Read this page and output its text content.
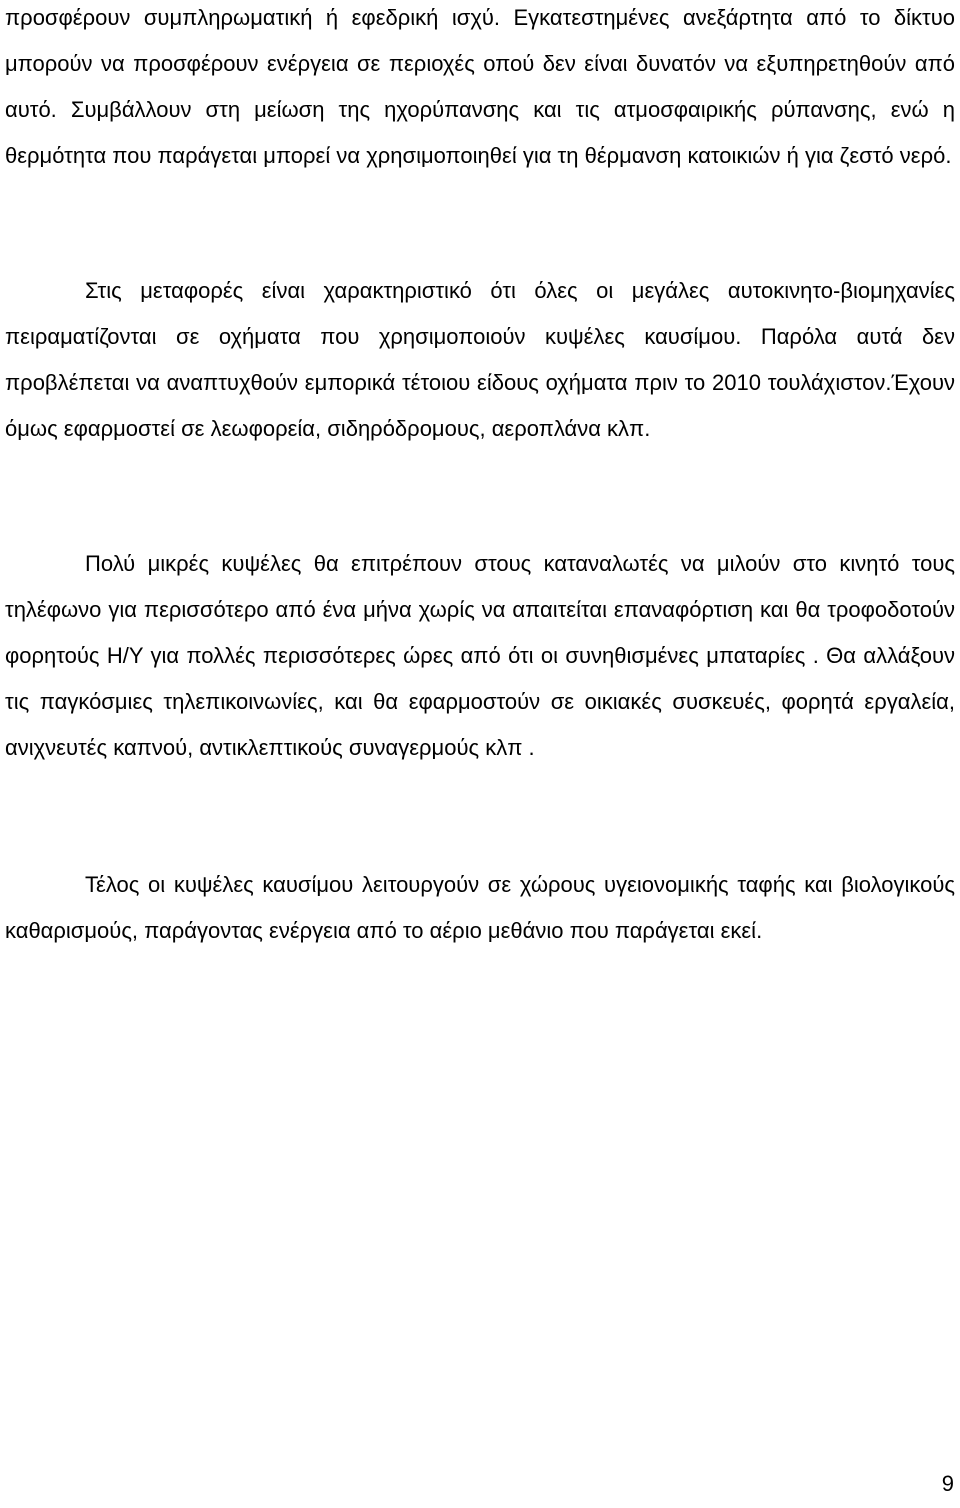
προσφέρουν συμπληρωματική ή εφεδρική ισχύ. Εγκατεστημένες ανεξάρτητα από το δίκτυο μπορούν να προσφέρουν ενέργεια σε περιοχές οπού δεν είναι δυνατόν να εξυπηρετηθούν από αυτό. Συμβάλλουν στη μείωση της ηχορύπανσης και τις ατμοσφαιρικής ρύπανσης, ενώ η θερμότητα που παράγεται μπορεί να χρησιμοποιηθεί για τη θέρμανση κατοικιών ή για ζεστό νερό.

Στις μεταφορές είναι χαρακτηριστικό ότι όλες οι μεγάλες αυτοκινητο-βιομηχανίες πειραματίζονται σε οχήματα που χρησιμοποιούν κυψέλες καυσίμου. Παρόλα αυτά δεν προβλέπεται να αναπτυχθούν εμπορικά τέτοιου είδους οχήματα πριν το 2010 τουλάχιστον.Έχουν όμως εφαρμοστεί σε λεωφορεία, σιδηρόδρομους, αεροπλάνα κλπ.

Πολύ μικρές κυψέλες θα επιτρέπουν στους καταναλωτές να μιλούν στο κινητό τους τηλέφωνο για περισσότερο από ένα μήνα χωρίς να απαιτείται επαναφόρτιση και θα τροφοδοτούν φορητούς Η/Υ για πολλές περισσότερες ώρες από ότι οι συνηθισμένες μπαταρίες . Θα αλλάξουν τις παγκόσμιες τηλεπικοινωνίες, και θα εφαρμοστούν σε οικιακές συσκευές, φορητά εργαλεία, ανιχνευτές καπνού, αντικλεπτικούς συναγερμούς κλπ .

Τέλος οι κυψέλες καυσίμου λειτουργούν σε χώρους υγειονομικής ταφής και βιολογικούς καθαρισμούς, παράγοντας ενέργεια από το αέριο μεθάνιο που παράγεται εκεί.

9
